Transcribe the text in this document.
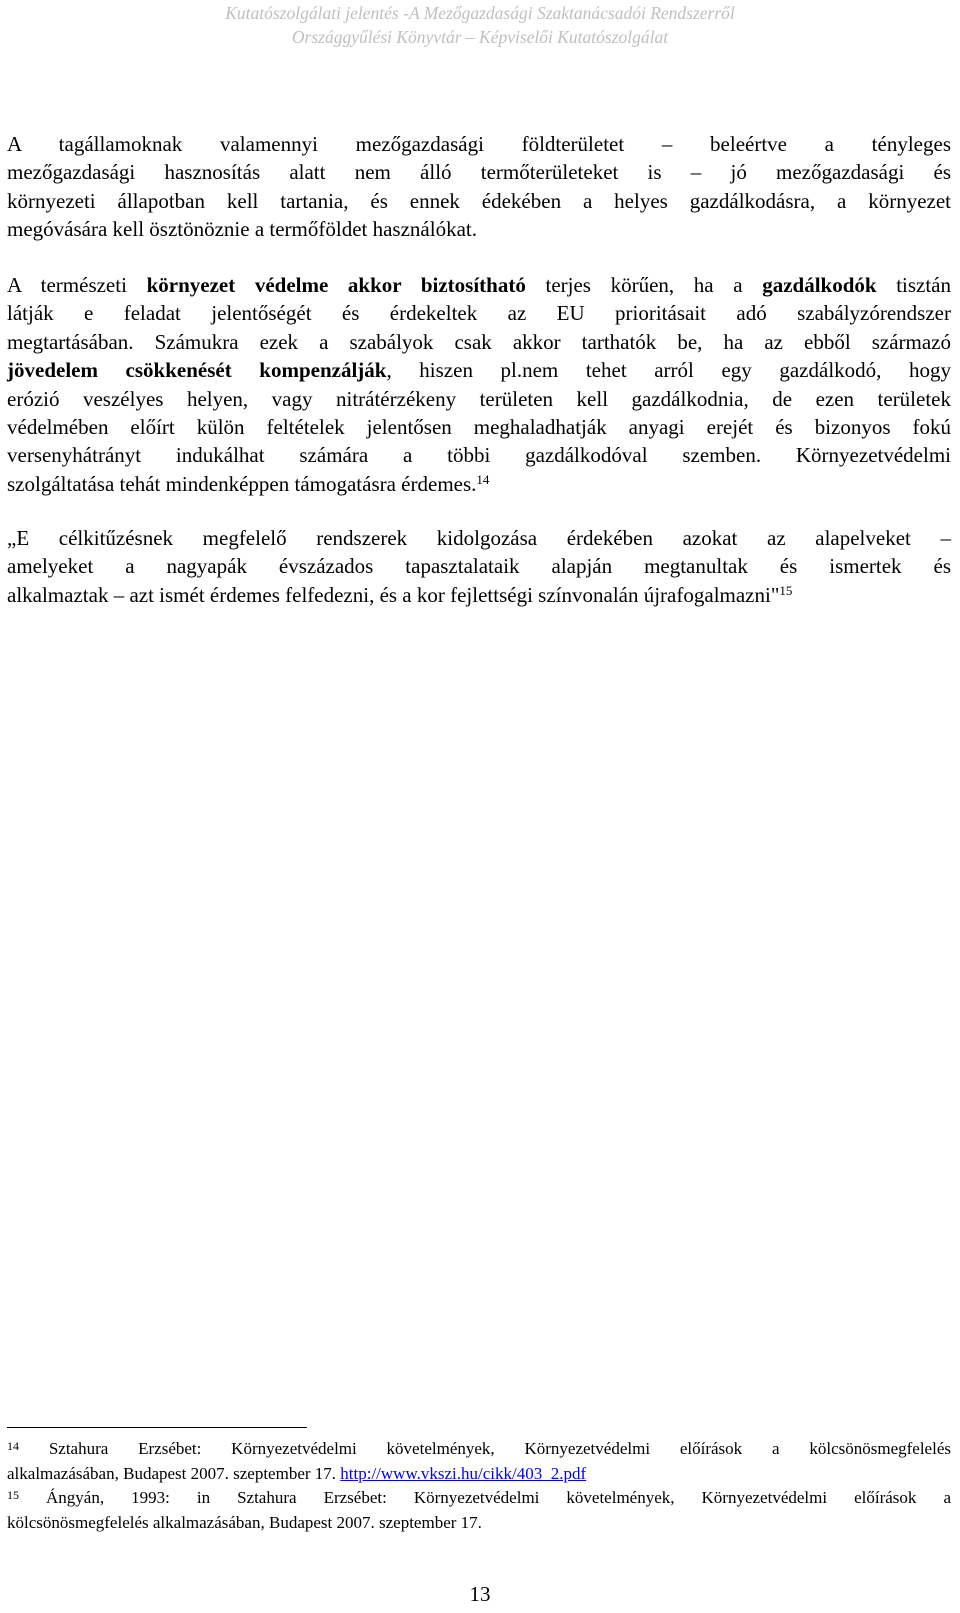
Kutatószolgálati jelentés -A Mezőgazdasági Szaktanácsadói Rendszerről
Országgyűlési Könyvtár – Képviselői Kutatószolgálat
A tagállamoknak valamennyi mezőgazdasági földterületet – beleértve a tényleges
mezőgazdasági hasznosítás alatt nem álló termőterületeket is – jó mezőgazdasági és
környezeti állapotban kell tartania, és ennek édekében a helyes gazdálkodásra, a környezet
megóvására kell ösztönöznie a termőföldet használókat.
A természeti környezet védelme akkor biztosítható terjes körűen, ha a gazdálkodók tisztán
látják e feladat jelentőségét és érdekeltek az EU prioritásait adó szabályzórendszer
megtartásában. Számukra ezek a szabályok csak akkor tarthatók be, ha az ebből származó
jövedelem csökkenését kompenzálják, hiszen pl.nem tehet arról egy gazdálkodó, hogy
erózió veszélyes helyen, vagy nitrátérzékeny területen kell gazdálkodnia, de ezen területek
védelmében előírt külön feltételek jelentősen meghaladhatják anyagi erejét és bizonyos fokú
versenyhátrányt indukálhat számára a többi gazdálkodóval szemben. Környezetvédelmi
szolgáltatása tehát mindenképpen támogatásra érdemes.$^{14}$
„E célkitűzésnek megfelelő rendszerek kidolgozása érdekében azokat az alapelveket –
amelyeket a nagyapák évszázados tapasztalataik alapján megtanultak és ismertek és
alkalmaztak – azt ismét érdemes felfedezni, és a kor fejlettségi színvonalán újrafogalmazni"$^{15}$
$^{14}$ Sztahura Erzsébet: Környezetvédelmi követelmények, Környezetvédelmi előírások a kölcsönösmegfelelés
alkalmazásában, Budapest 2007. szeptember 17. http://www.vkszi.hu/cikk/403_2.pdf
$^{15}$ Ángyán, 1993: in Sztahura Erzsébet: Környezetvédelmi követelmények, Környezetvédelmi előírások a
kölcsönösmegfelelés alkalmazásában, Budapest 2007. szeptember 17.
13
